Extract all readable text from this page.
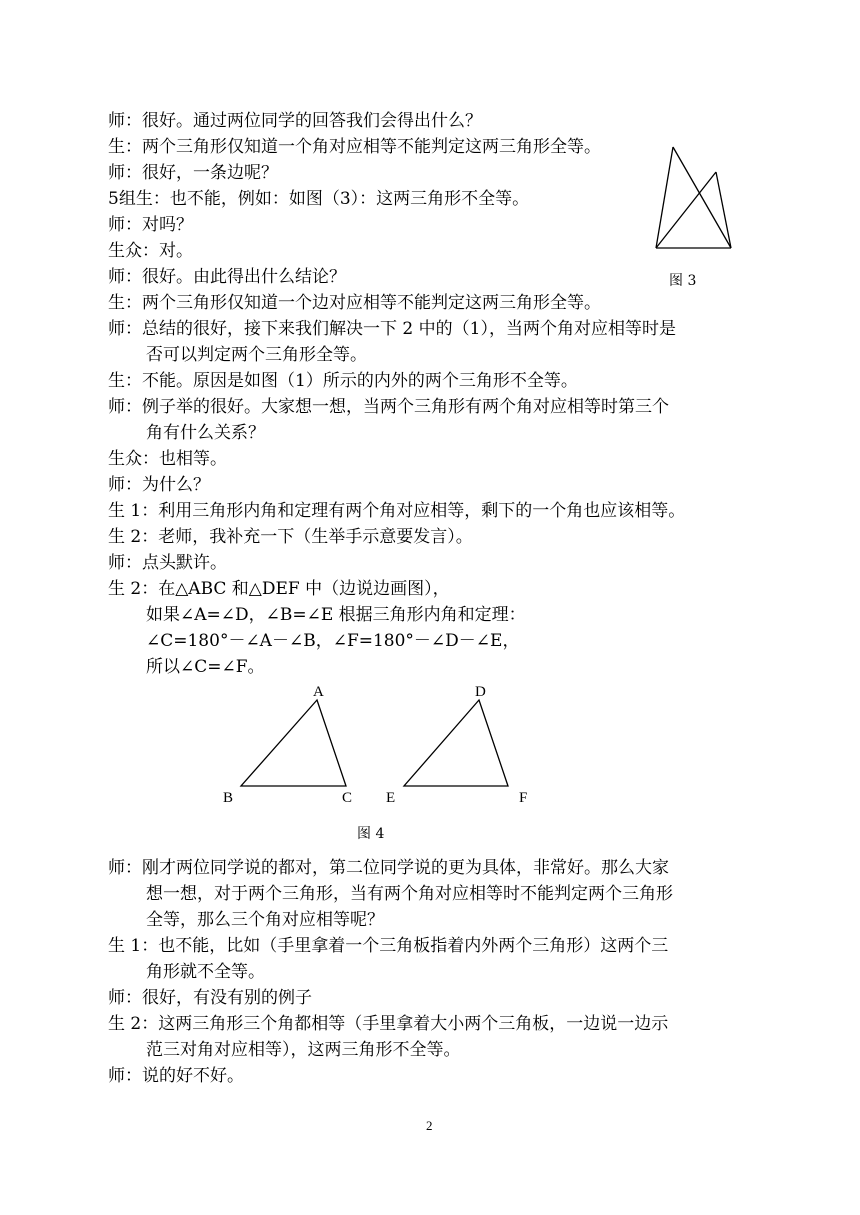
师：很好。通过两位同学的回答我们会得出什么？
生：两个三角形仅知道一个角对应相等不能判定这两三角形全等。
师：很好，一条边呢？
5组生：也不能，例如：如图（3）：这两三角形不全等。
师：对吗？
生众：对。
师：很好。由此得出什么结论？
生：两个三角形仅知道一个边对应相等不能判定这两三角形全等。
师：总结的很好，接下来我们解决一下 2 中的（1），当两个角对应相等时是
否可以判定两个三角形全等。
生：不能。原因是如图（1）所示的内外的两个三角形不全等。
师：例子举的很好。大家想一想，当两个三角形有两个角对应相等时第三个
角有什么关系？
生众：也相等。
师：为什么？
生 1：利用三角形内角和定理有两个角对应相等，剩下的一个角也应该相等。
生 2：老师，我补充一下（生举手示意要发言）。
师：点头默许。
生 2：在△ABC 和△DEF 中（边说边画图），
如果∠A=∠D，∠B=∠E 根据三角形内角和定理：
∠C=180°－∠A－∠B，∠F=180°－∠D－∠E，
所以∠C=∠F。
师：刚才两位同学说的都对，第二位同学说的更为具体，非常好。那么大家
想一想，对于两个三角形，当有两个角对应相等时不能判定两个三角形
全等，那么三个角对应相等呢？
生 1：也不能，比如（手里拿着一个三角板指着内外两个三角形）这两个三
角形就不全等。
师：很好，有没有别的例子
生 2：这两三角形三个角都相等（手里拿着大小两个三角板，一边说一边示
范三对角对应相等），这两三角形不全等。
师：说的好不好。
图 3
A
B	C
D
E	F
图 4
2
